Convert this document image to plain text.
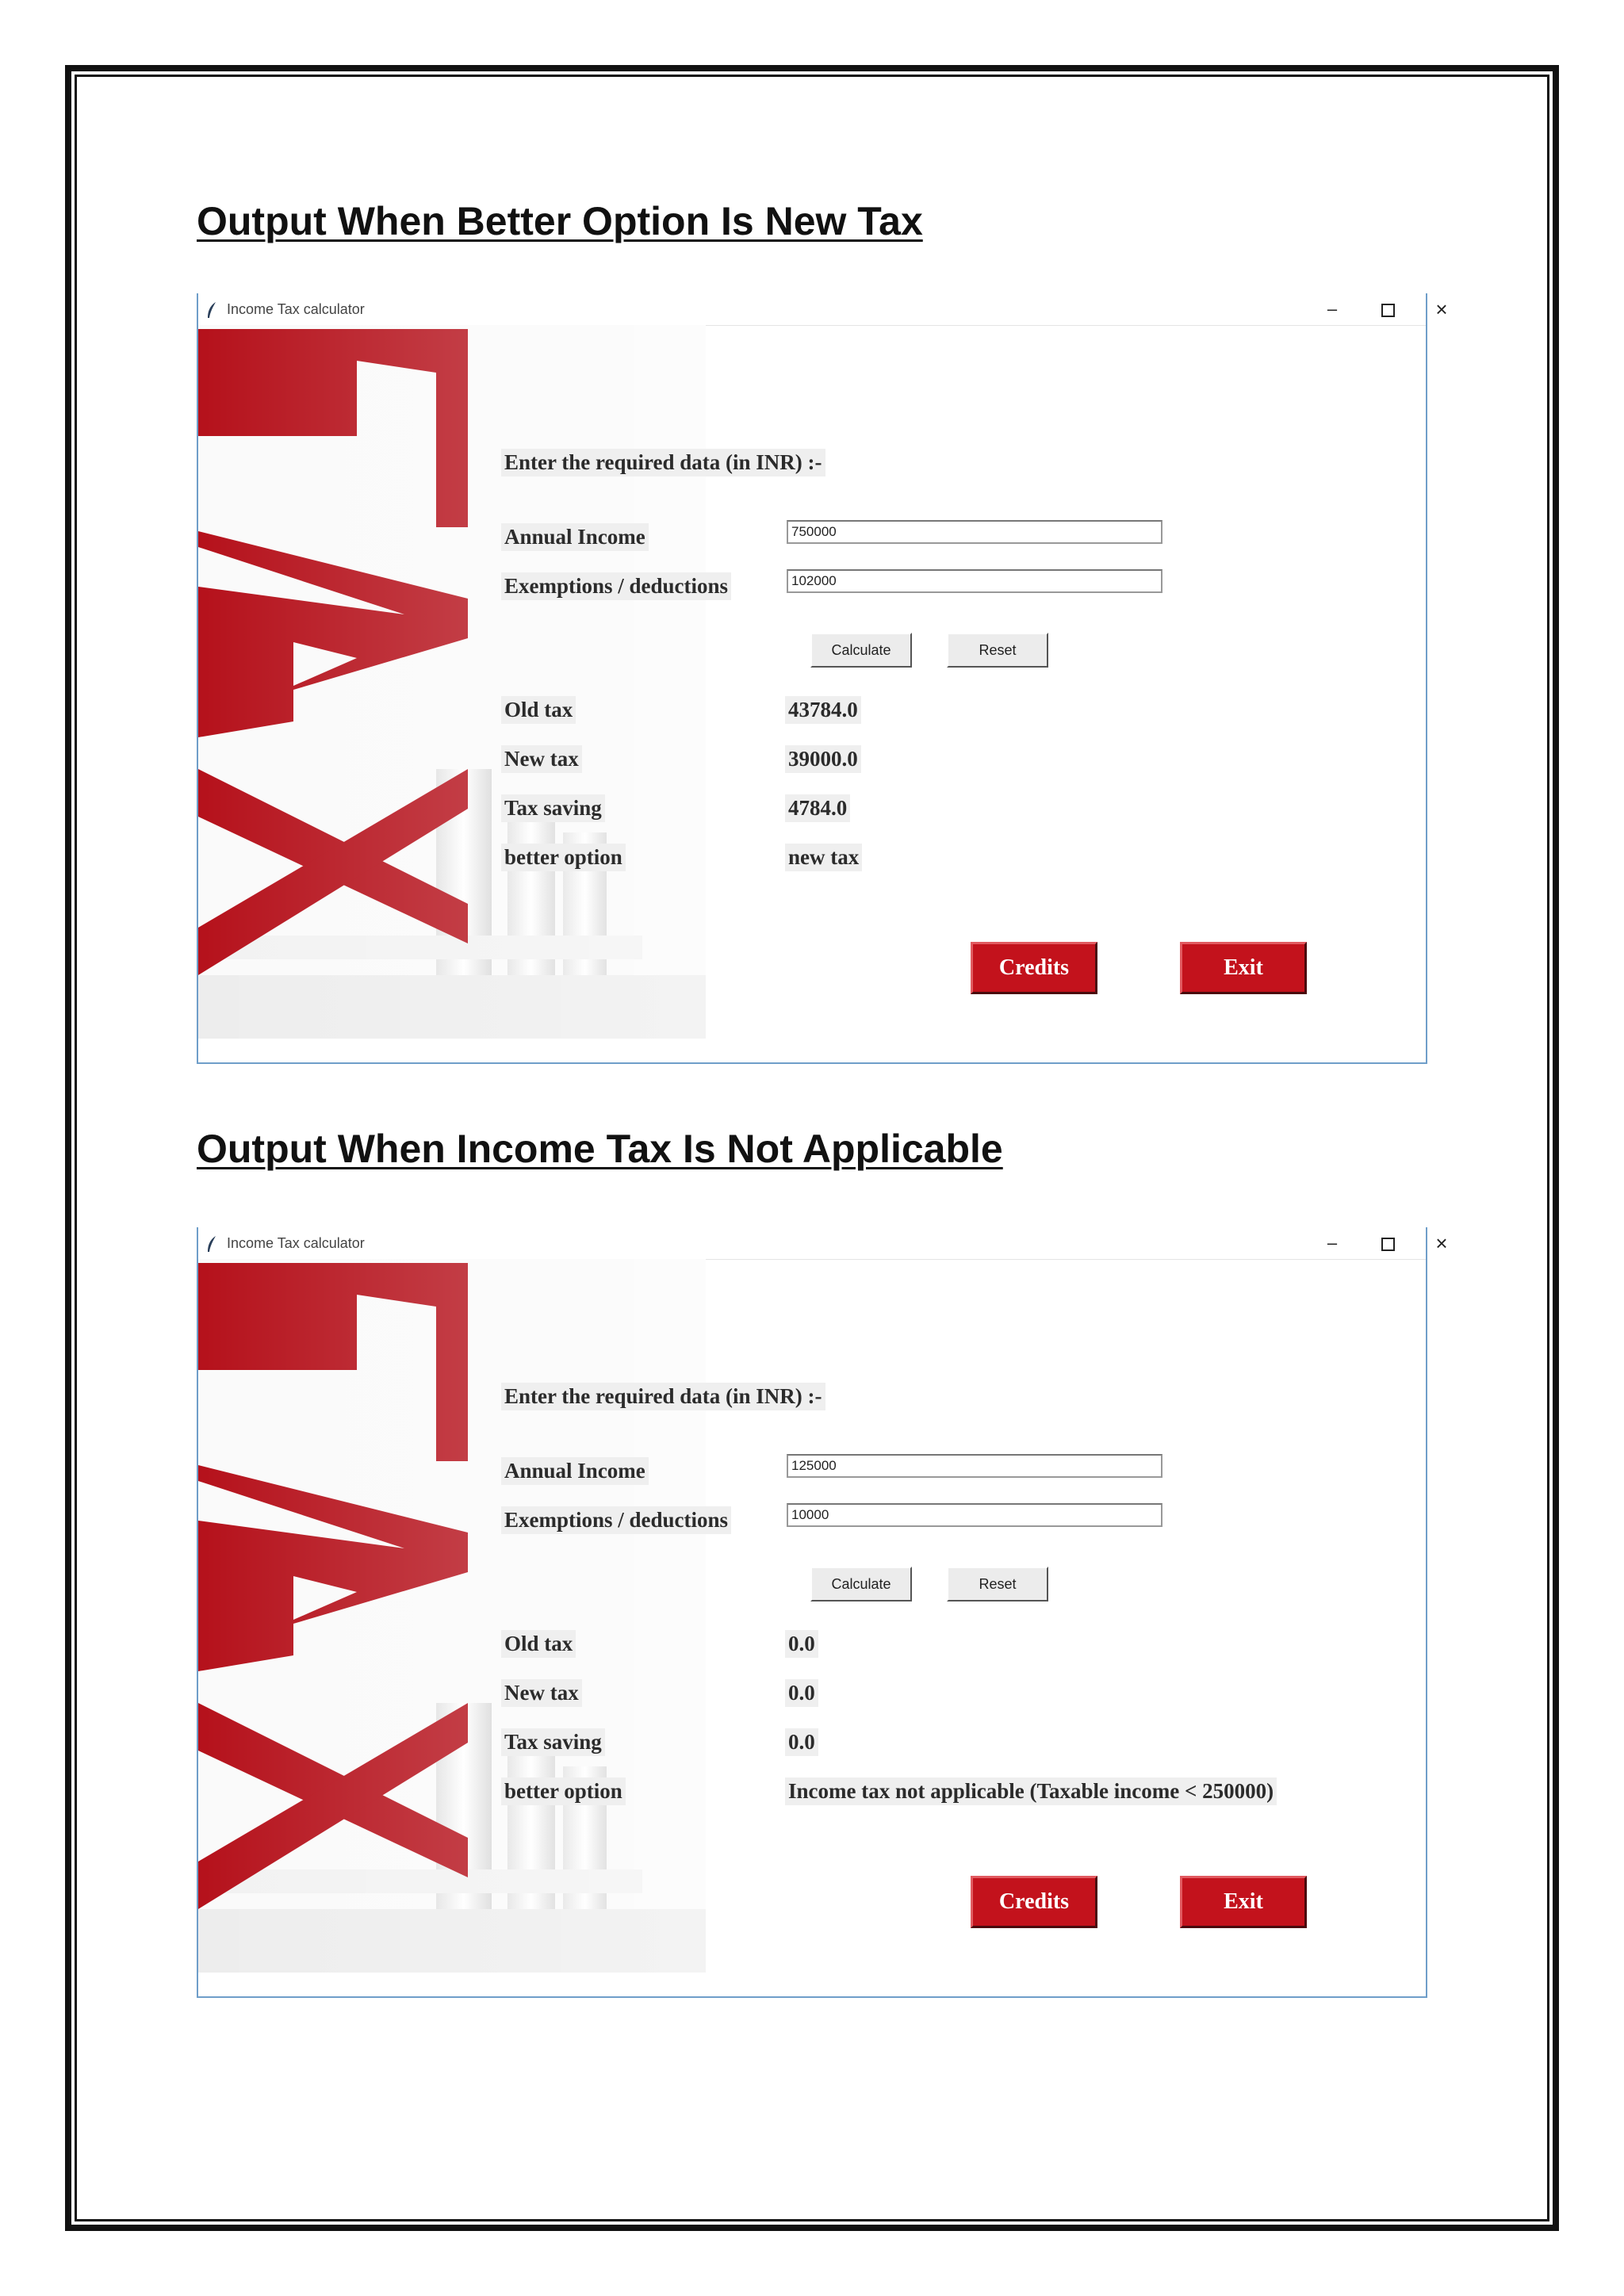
Output When Better Option Is New Tax
Income Tax calculator	–	×
Enter the required data (in INR) :-
Annual Income
750000
Exemptions / deductions
102000
Calculate	Reset
Old tax	43784.0
New tax	39000.0
Tax saving	4784.0
better option	new tax
Credits	Exit
Output When Income Tax Is Not Applicable
Income Tax calculator	–	×
Enter the required data (in INR) :-
Annual Income
125000
Exemptions / deductions
10000
Calculate	Reset
Old tax	0.0
New tax	0.0
Tax saving	0.0
better option	Income tax not applicable (Taxable income < 250000)
Credits	Exit
